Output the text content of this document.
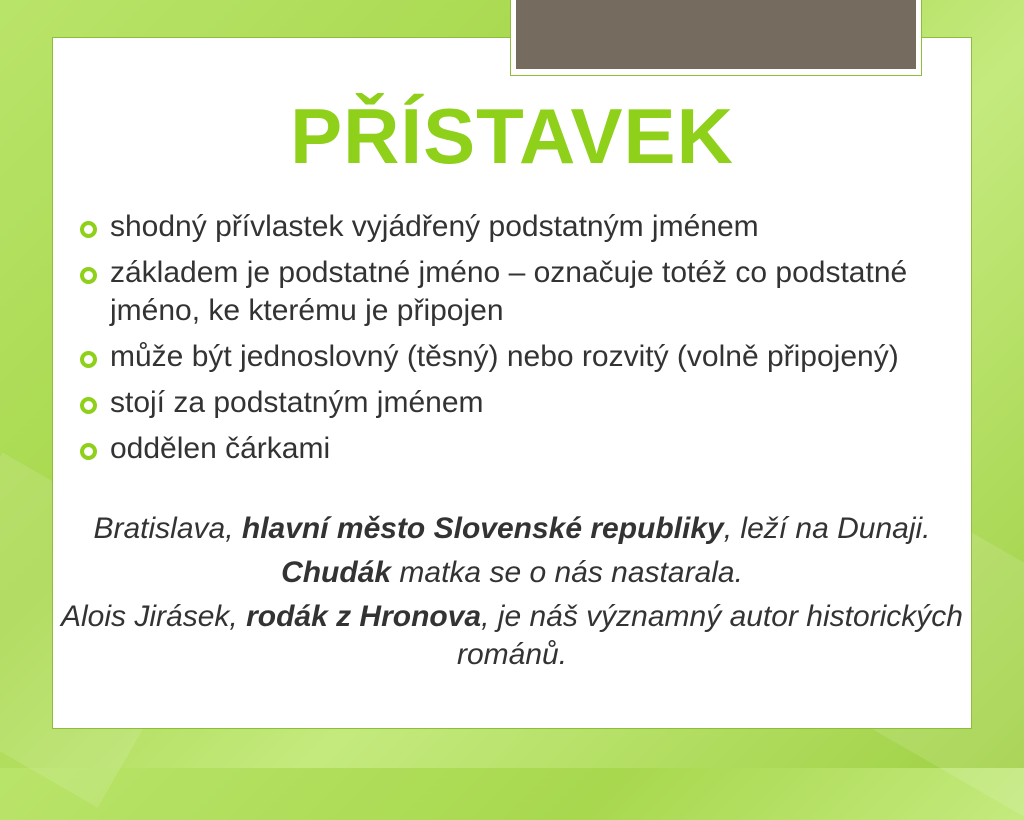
PŘÍSTAVEK
shodný přívlastek vyjádřený podstatným jménem
základem je podstatné jméno – označuje totéž co podstatné jméno, ke kterému je připojen
může být jednoslovný (těsný) nebo rozvitý (volně připojený)
stojí za podstatným jménem
oddělen čárkami

Bratislava, hlavní město Slovenské republiky, leží na Dunaji.

Chudák matka se o nás nastarala.

Alois Jirásek, rodák z Hronova, je náš významný autor historických románů.
